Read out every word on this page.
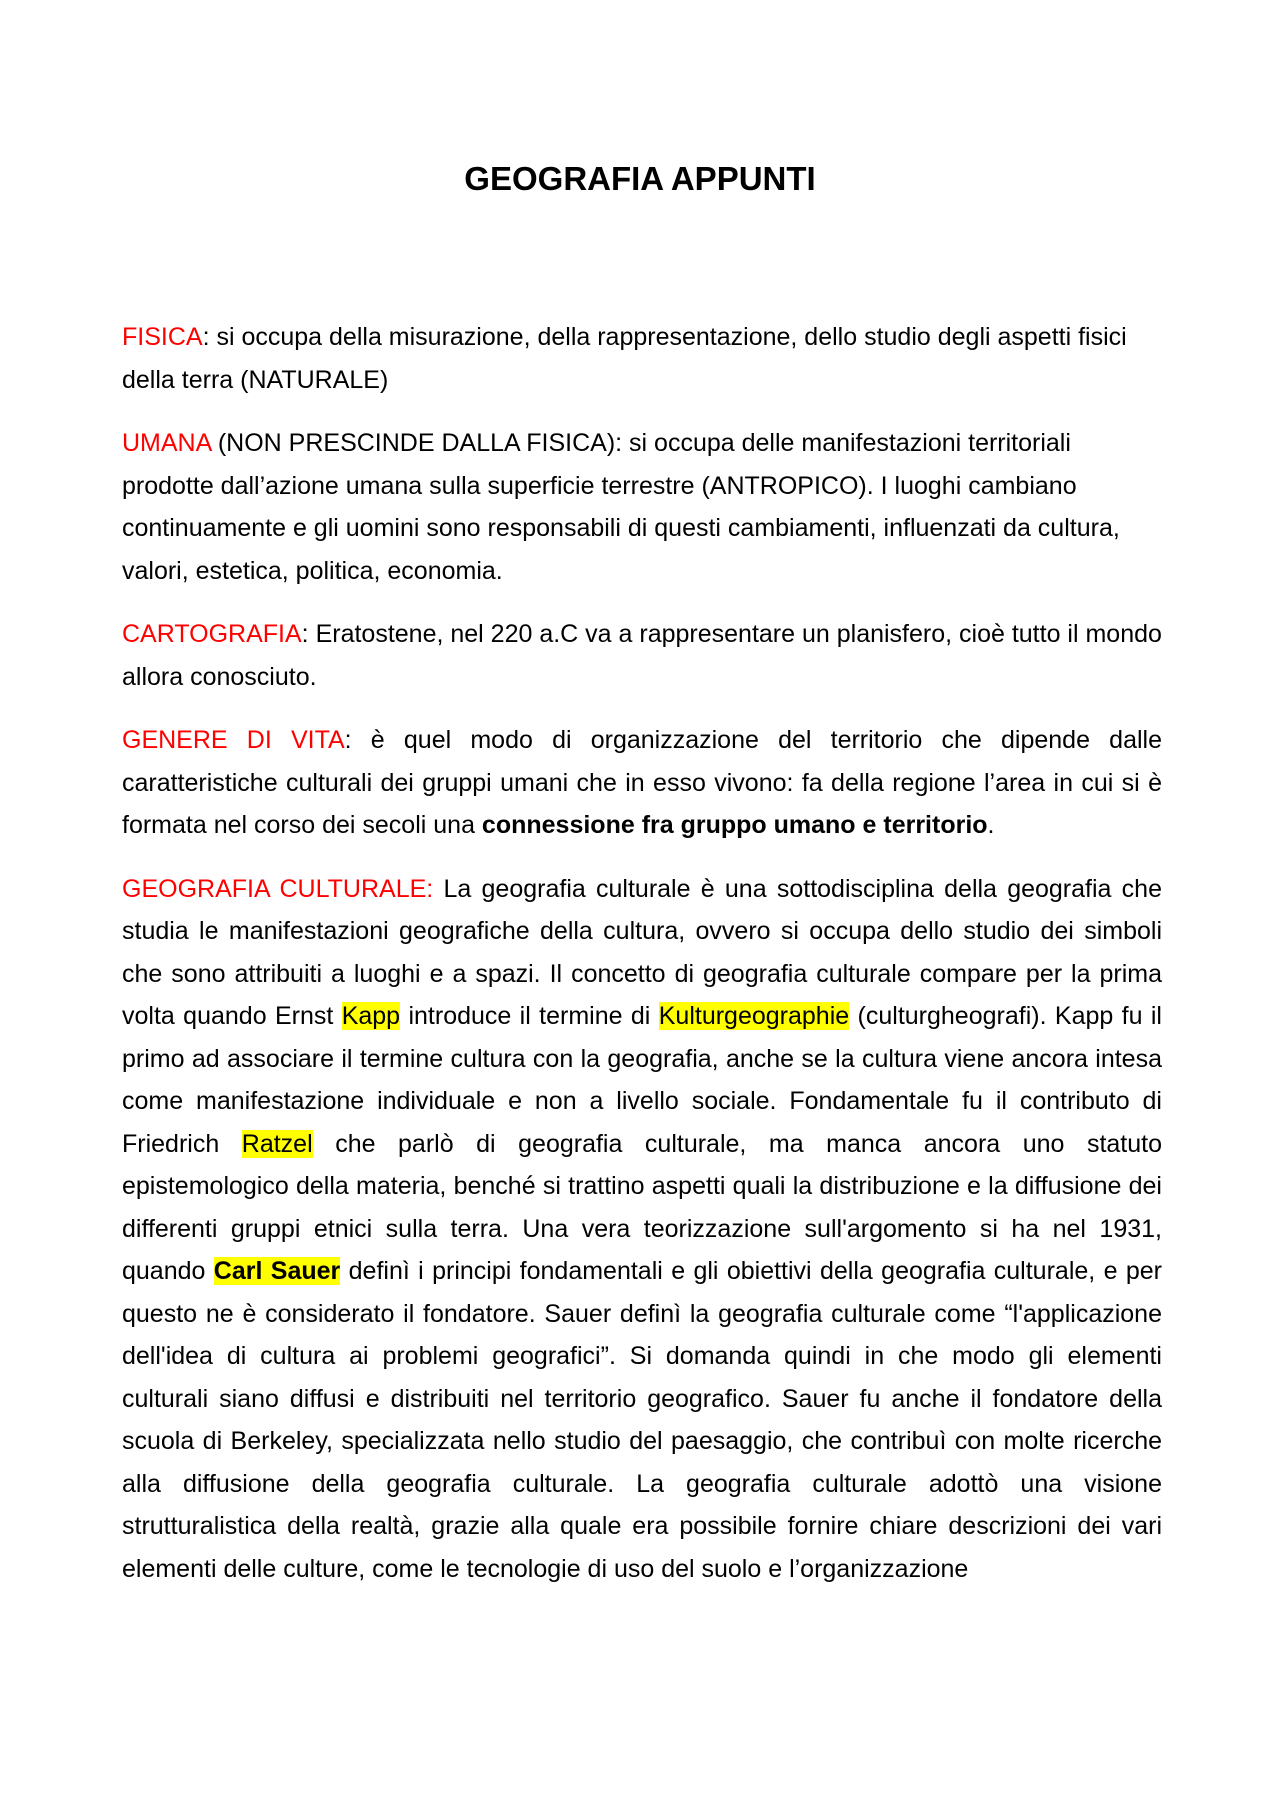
GEOGRAFIA APPUNTI

FISICA: si occupa della misurazione, della rappresentazione, dello studio degli aspetti fisici della terra (NATURALE)

UMANA (NON PRESCINDE DALLA FISICA): si occupa delle manifestazioni territoriali prodotte dall’azione umana sulla superficie terrestre (ANTROPICO). I luoghi cambiano continuamente e gli uomini sono responsabili di questi cambiamenti, influenzati da cultura, valori, estetica, politica, economia.

CARTOGRAFIA: Eratostene, nel 220 a.C va a rappresentare un planisfero, cioè tutto il mondo allora conosciuto.

GENERE DI VITA: è quel modo di organizzazione del territorio che dipende dalle caratteristiche culturali dei gruppi umani che in esso vivono: fa della regione l’area in cui si è formata nel corso dei secoli una connessione fra gruppo umano e territorio.

GEOGRAFIA CULTURALE: La geografia culturale è una sottodisciplina della geografia che studia le manifestazioni geografiche della cultura, ovvero si occupa dello studio dei simboli che sono attribuiti a luoghi e a spazi. Il concetto di geografia culturale compare per la prima volta quando Ernst Kapp introduce il termine di Kulturgeographie (culturgheografi). Kapp fu il primo ad associare il termine cultura con la geografia, anche se la cultura viene ancora intesa come manifestazione individuale e non a livello sociale. Fondamentale fu il contributo di Friedrich Ratzel che parlò di geografia culturale, ma manca ancora uno statuto epistemologico della materia, benché si trattino aspetti quali la distribuzione e la diffusione dei differenti gruppi etnici sulla terra. Una vera teorizzazione sull'argomento si ha nel 1931, quando Carl Sauer definì i principi fondamentali e gli obiettivi della geografia culturale, e per questo ne è considerato il fondatore. Sauer definì la geografia culturale come “l'applicazione dell'idea di cultura ai problemi geografici”. Si domanda quindi in che modo gli elementi culturali siano diffusi e distribuiti nel territorio geografico. Sauer fu anche il fondatore della scuola di Berkeley, specializzata nello studio del paesaggio, che contribuì con molte ricerche alla diffusione della geografia culturale. La geografia culturale adottò una visione strutturalistica della realtà, grazie alla quale era possibile fornire chiare descrizioni dei vari elementi delle culture, come le tecnologie di uso del suolo e l’organizzazione
